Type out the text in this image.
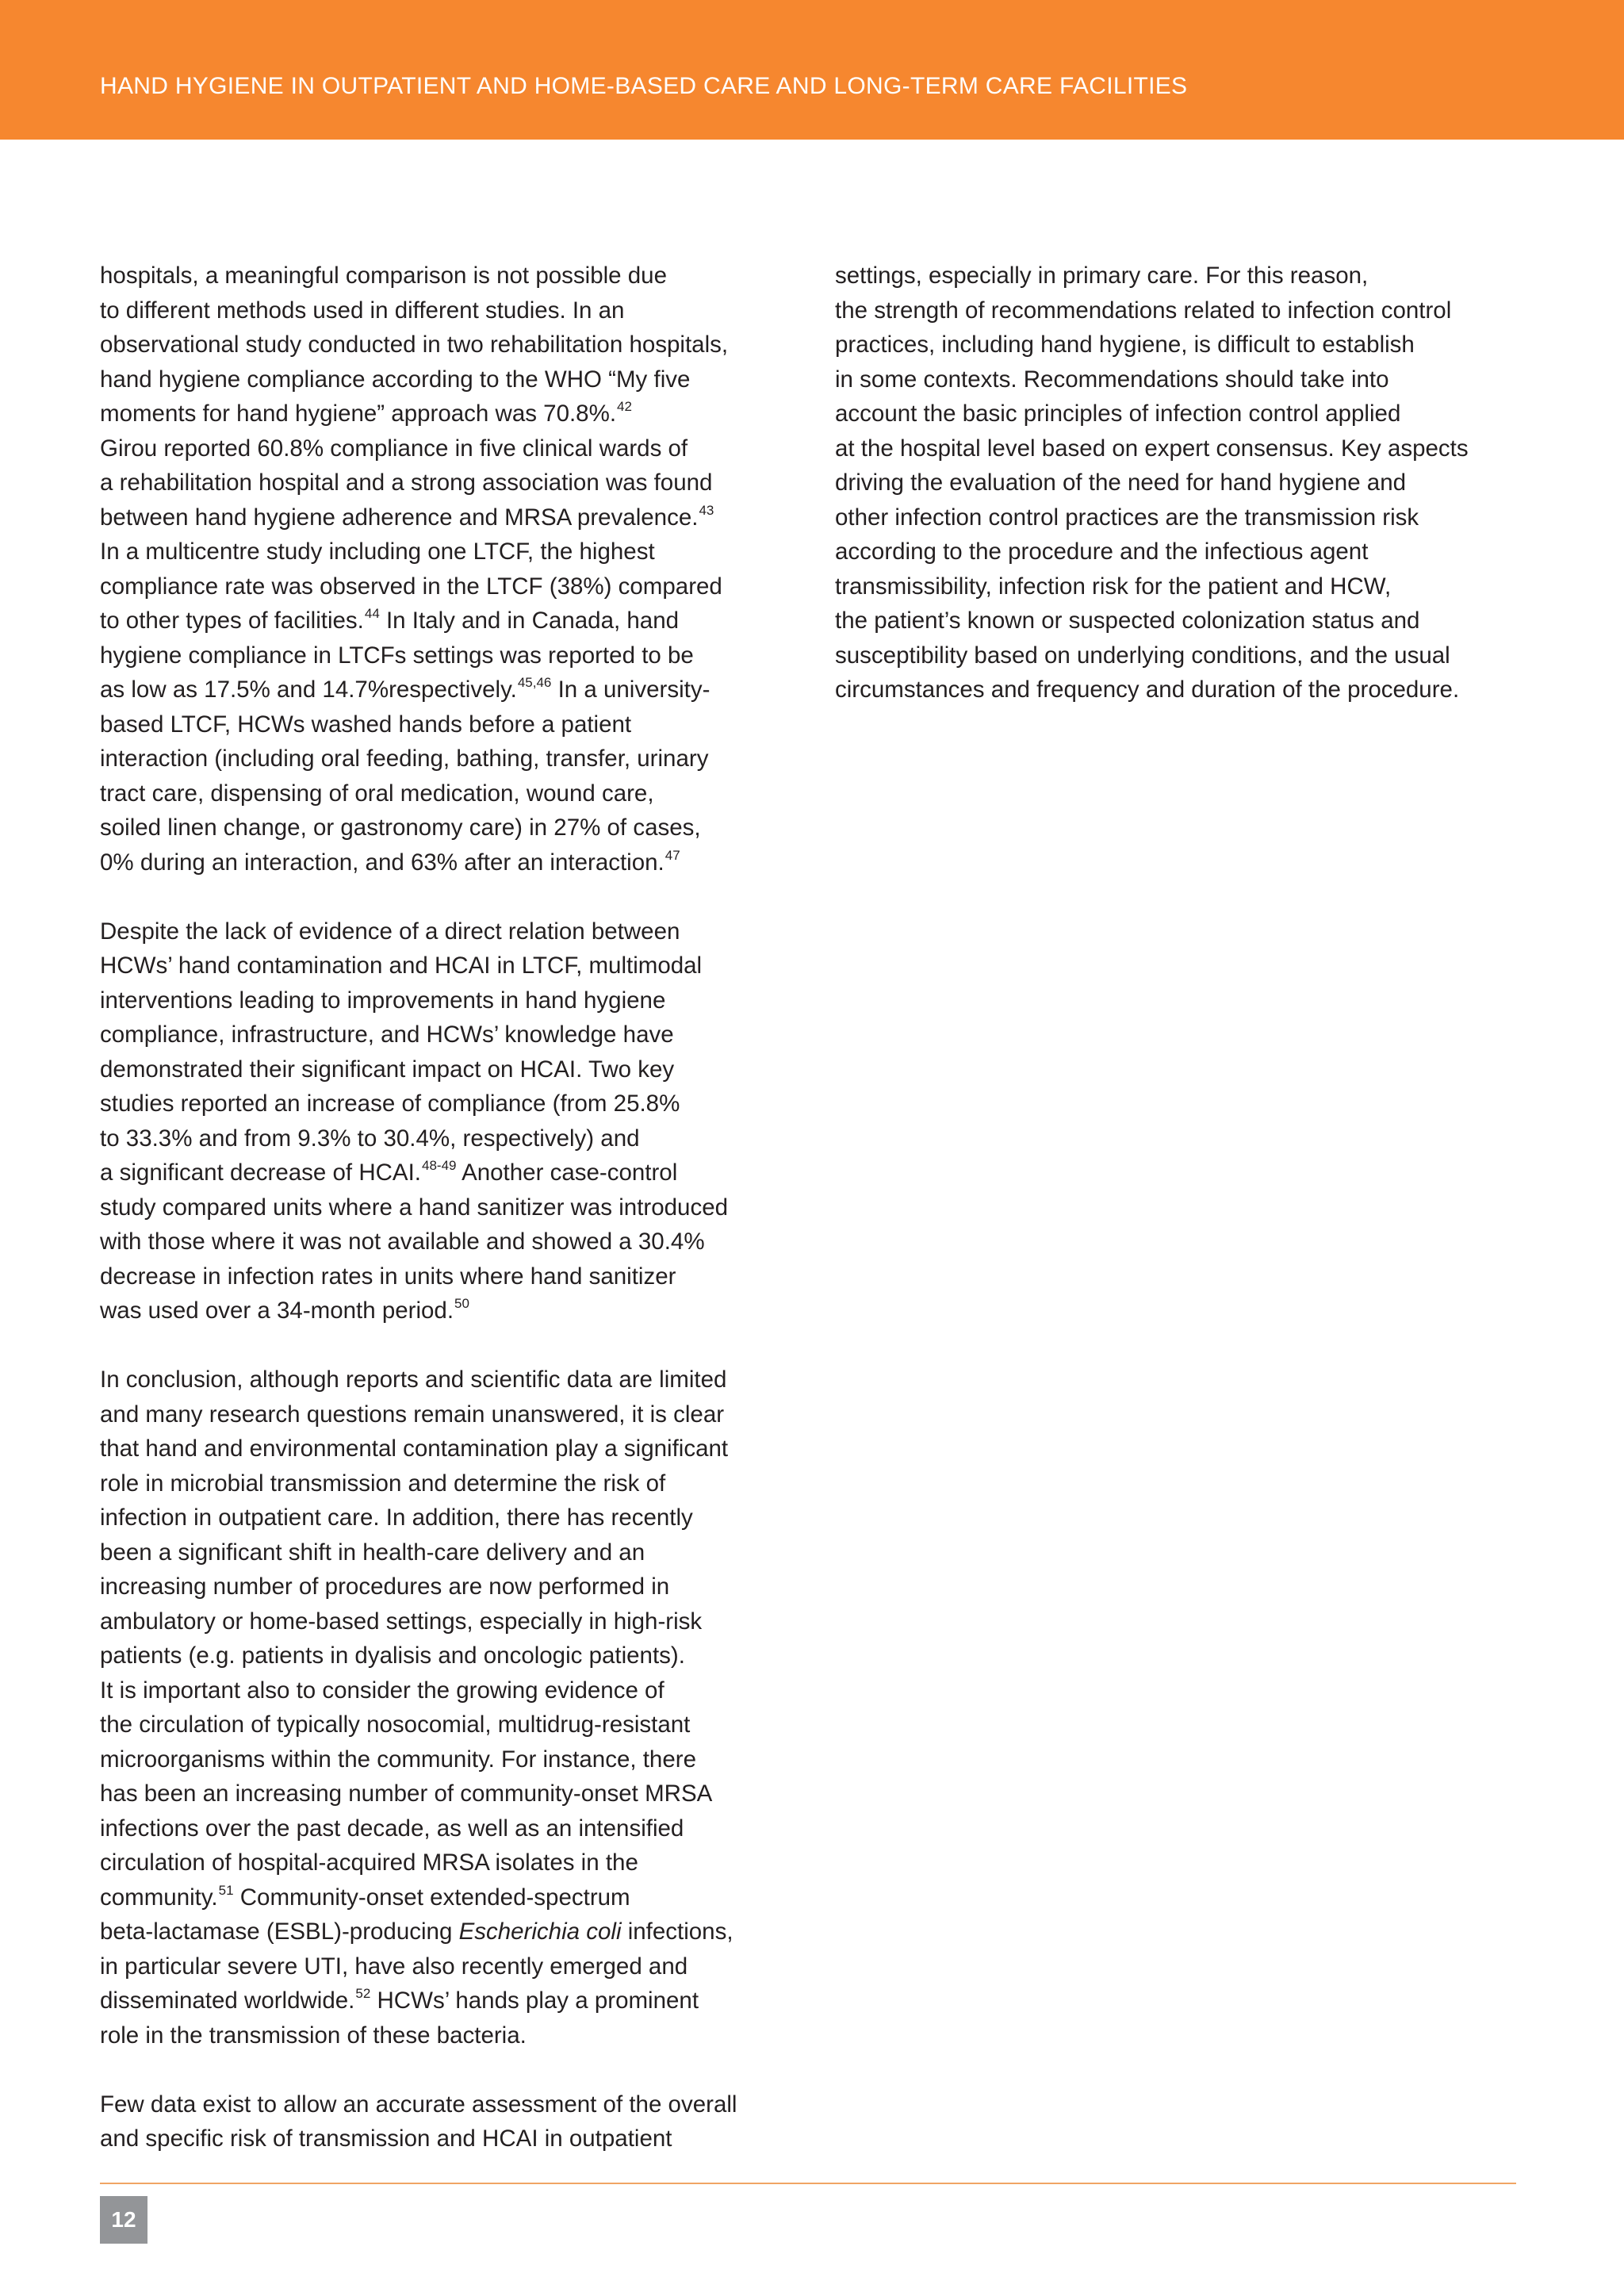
HAND HYGIENE IN OUTPATIENT AND HOME-BASED CARE AND LONG-TERM CARE FACILITIES
hospitals, a meaningful comparison is not possible due
to different methods used in different studies. In an
observational study conducted in two rehabilitation hospitals,
hand hygiene compliance according to the WHO “My five
moments for hand hygiene” approach was 70.8%.$^{42}$
Girou reported 60.8% compliance in five clinical wards of
a rehabilitation hospital and a strong association was found
between hand hygiene adherence and MRSA prevalence.$^{43}$
In a multicentre study including one LTCF, the highest
compliance rate was observed in the LTCF (38%) compared
to other types of facilities.$^{44}$ In Italy and in Canada, hand
hygiene compliance in LTCFs settings was reported to be
as low as 17.5% and 14.7%respectively.$^{45,46}$ In a university-
based LTCF, HCWs washed hands before a patient
interaction (including oral feeding, bathing, transfer, urinary
tract care, dispensing of oral medication, wound care,
soiled linen change, or gastronomy care) in 27% of cases,
0% during an interaction, and 63% after an interaction.$^{47}$
Despite the lack of evidence of a direct relation between
HCWs’ hand contamination and HCAI in LTCF, multimodal
interventions leading to improvements in hand hygiene
compliance, infrastructure, and HCWs’ knowledge have
demonstrated their significant impact on HCAI. Two key
studies reported an increase of compliance (from 25.8%
to 33.3% and from 9.3% to 30.4%, respectively) and
a significant decrease of HCAI.$^{48-49}$ Another case-control
study compared units where a hand sanitizer was introduced
with those where it was not available and showed a 30.4%
decrease in infection rates in units where hand sanitizer
was used over a 34-month period.$^{50}$
In conclusion, although reports and scientific data are limited
and many research questions remain unanswered, it is clear
that hand and environmental contamination play a significant
role in microbial transmission and determine the risk of
infection in outpatient care. In addition, there has recently
been a significant shift in health-care delivery and an
increasing number of procedures are now performed in
ambulatory or home-based settings, especially in high-risk
patients (e.g. patients in dyalisis and oncologic patients).
It is important also to consider the growing evidence of
the circulation of typically nosocomial, multidrug-resistant
microorganisms within the community. For instance, there
has been an increasing number of community-onset MRSA
infections over the past decade, as well as an intensified
circulation of hospital-acquired MRSA isolates in the
community.$^{51}$ Community-onset extended-spectrum
beta-lactamase (ESBL)-producing Escherichia coli infections,
in particular severe UTI, have also recently emerged and
disseminated worldwide.$^{52}$ HCWs’ hands play a prominent
role in the transmission of these bacteria.
Few data exist to allow an accurate assessment of the overall
and specific risk of transmission and HCAI in outpatient
settings, especially in primary care. For this reason,
the strength of recommendations related to infection control
practices, including hand hygiene, is difficult to establish
in some contexts. Recommendations should take into
account the basic principles of infection control applied
at the hospital level based on expert consensus. Key aspects
driving the evaluation of the need for hand hygiene and
other infection control practices are the transmission risk
according to the procedure and the infectious agent
transmissibility, infection risk for the patient and HCW,
the patient’s known or suspected colonization status and
susceptibility based on underlying conditions, and the usual
circumstances and frequency and duration of the procedure.
12
